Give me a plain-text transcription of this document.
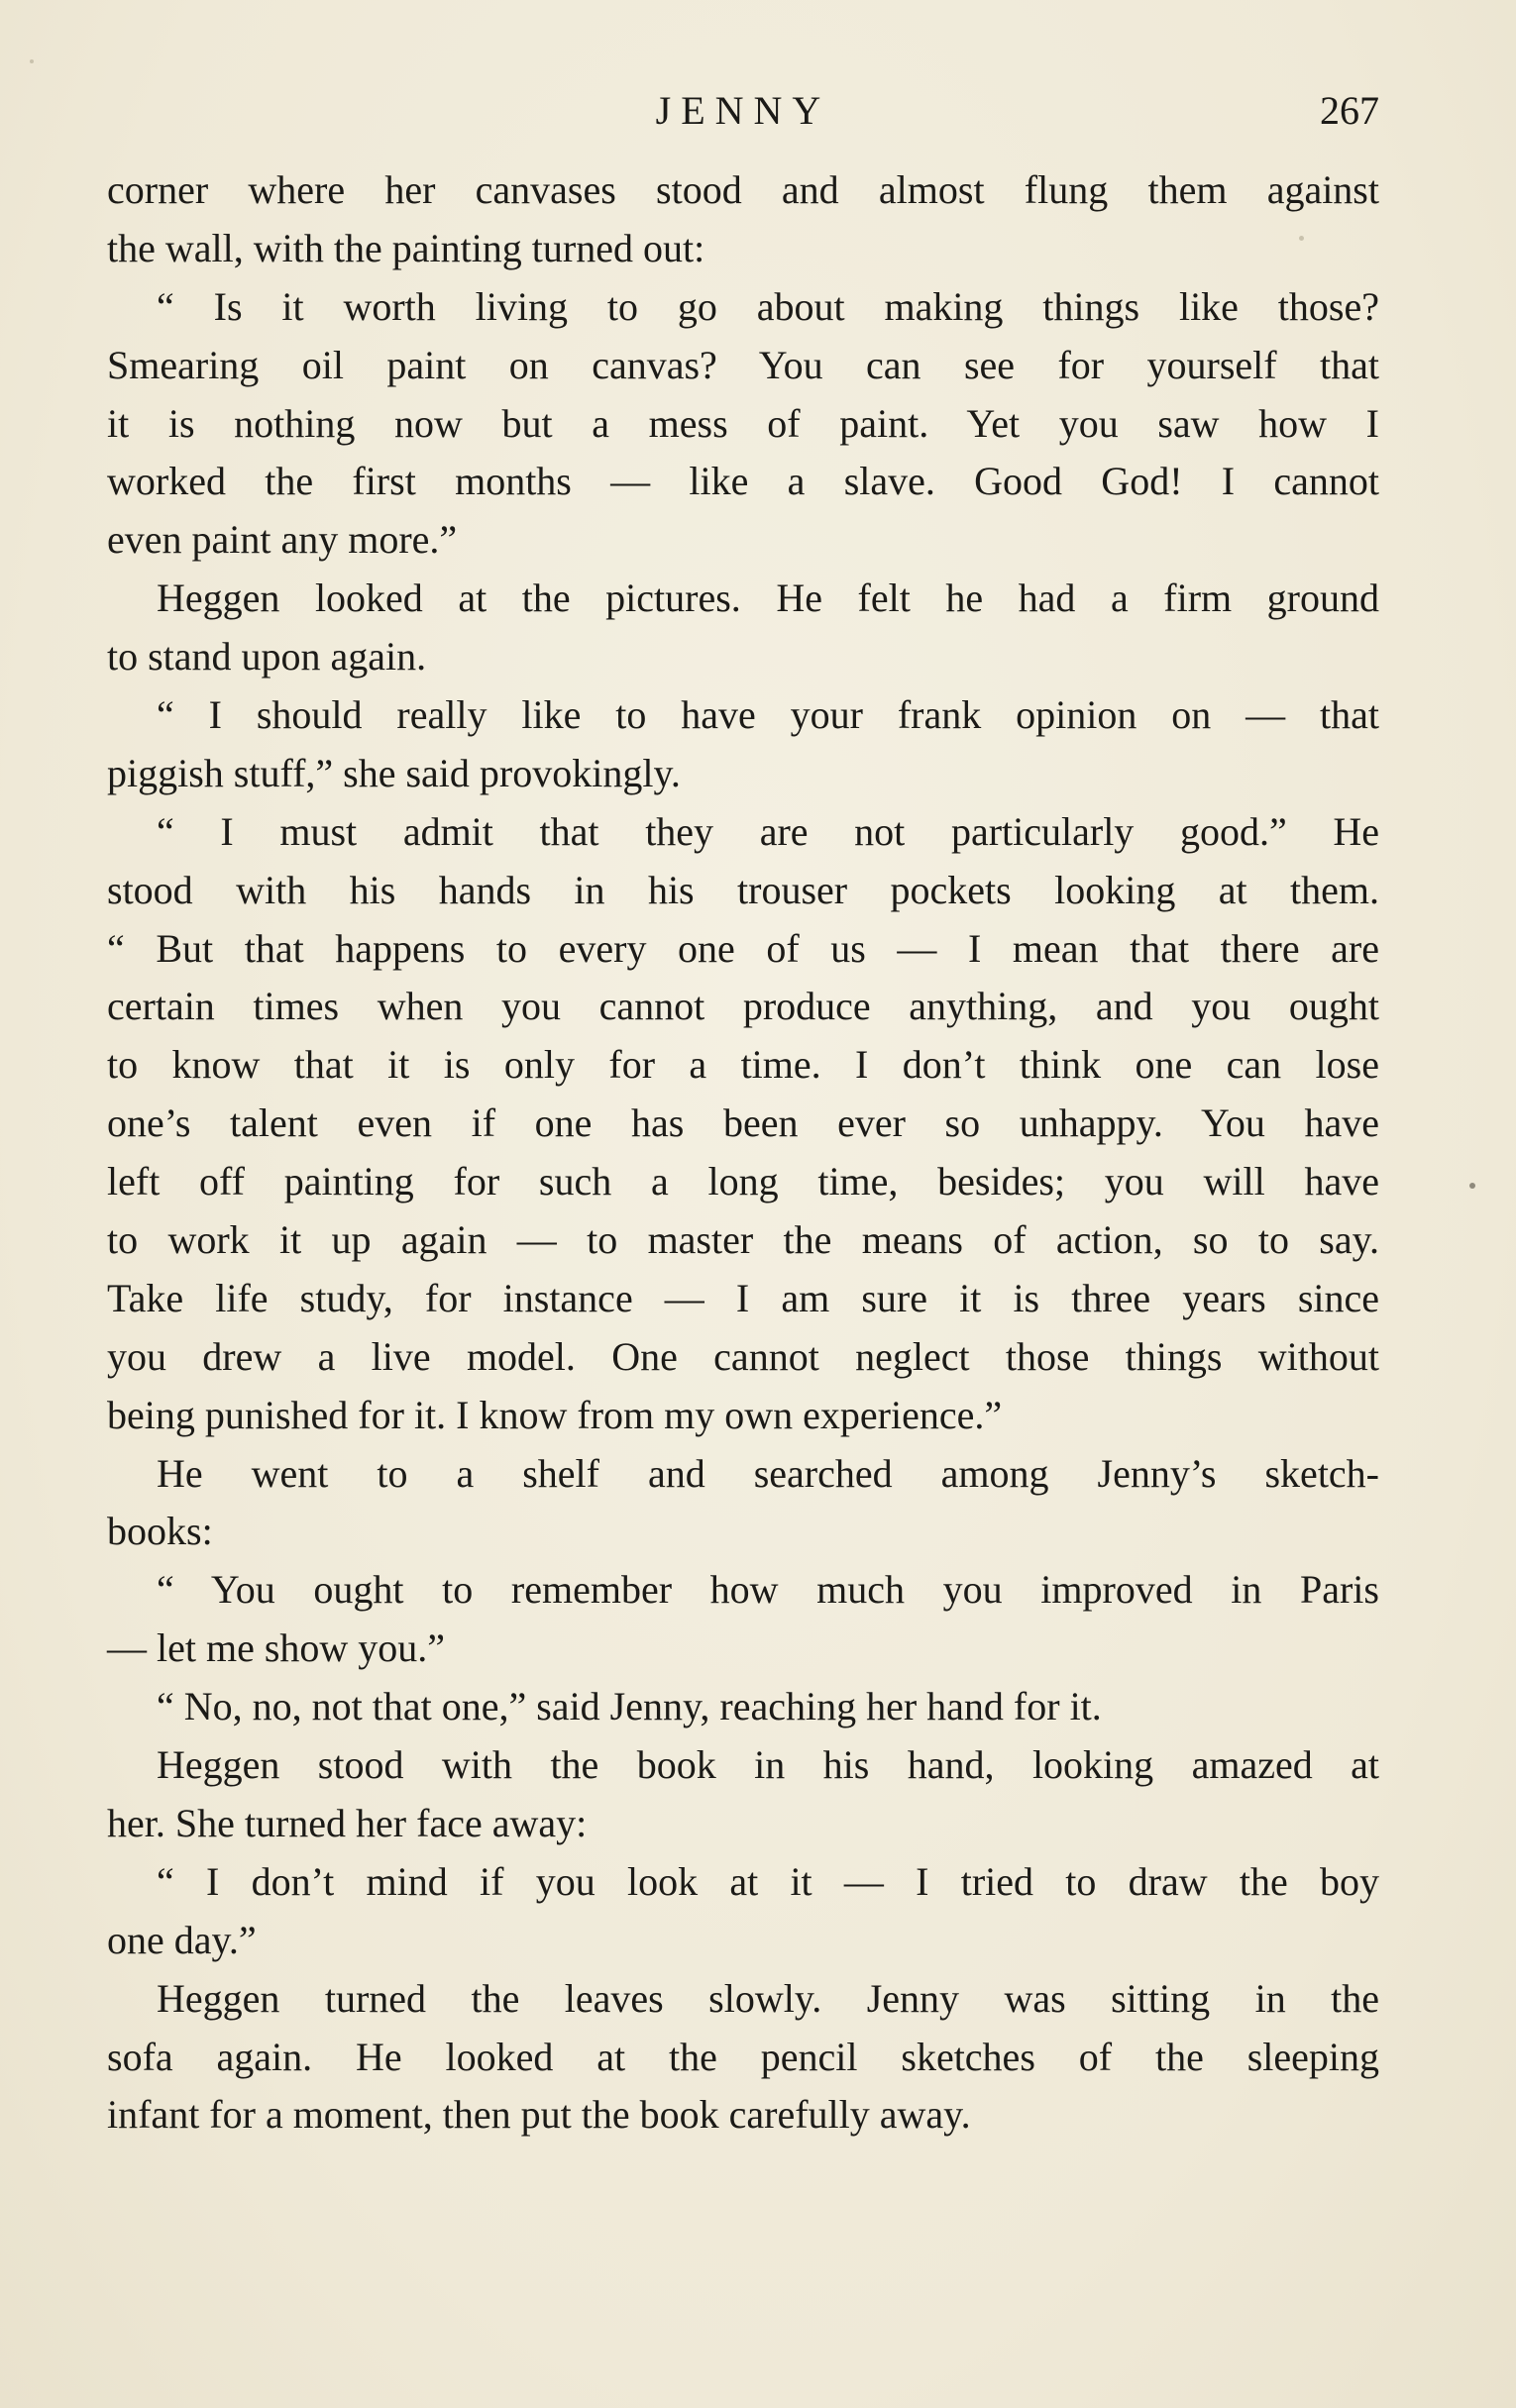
JENNY	267
corner where her canvases stood and almost flung them against
the wall, with the painting turned out:
“ Is it worth living to go about making things like those?
Smearing oil paint on canvas? You can see for yourself that
it is nothing now but a mess of paint. Yet you saw how I
worked the first months — like a slave. Good God! I cannot
even paint any more.”
Heggen looked at the pictures. He felt he had a firm ground
to stand upon again.
“ I should really like to have your frank opinion on — that
piggish stuff,” she said provokingly.
“ I must admit that they are not particularly good.” He
stood with his hands in his trouser pockets looking at them.
“ But that happens to every one of us — I mean that there are
certain times when you cannot produce anything, and you ought
to know that it is only for a time. I don’t think one can lose
one’s talent even if one has been ever so unhappy. You have
left off painting for such a long time, besides; you will have
to work it up again — to master the means of action, so to say.
Take life study, for instance — I am sure it is three years since
you drew a live model. One cannot neglect those things without
being punished for it. I know from my own experience.”
He went to a shelf and searched among Jenny’s sketch-
books:
“ You ought to remember how much you improved in Paris
— let me show you.”
“ No, no, not that one,” said Jenny, reaching her hand for it.
Heggen stood with the book in his hand, looking amazed at
her. She turned her face away:
“ I don’t mind if you look at it — I tried to draw the boy
one day.”
Heggen turned the leaves slowly. Jenny was sitting in the
sofa again. He looked at the pencil sketches of the sleeping
infant for a moment, then put the book carefully away.
